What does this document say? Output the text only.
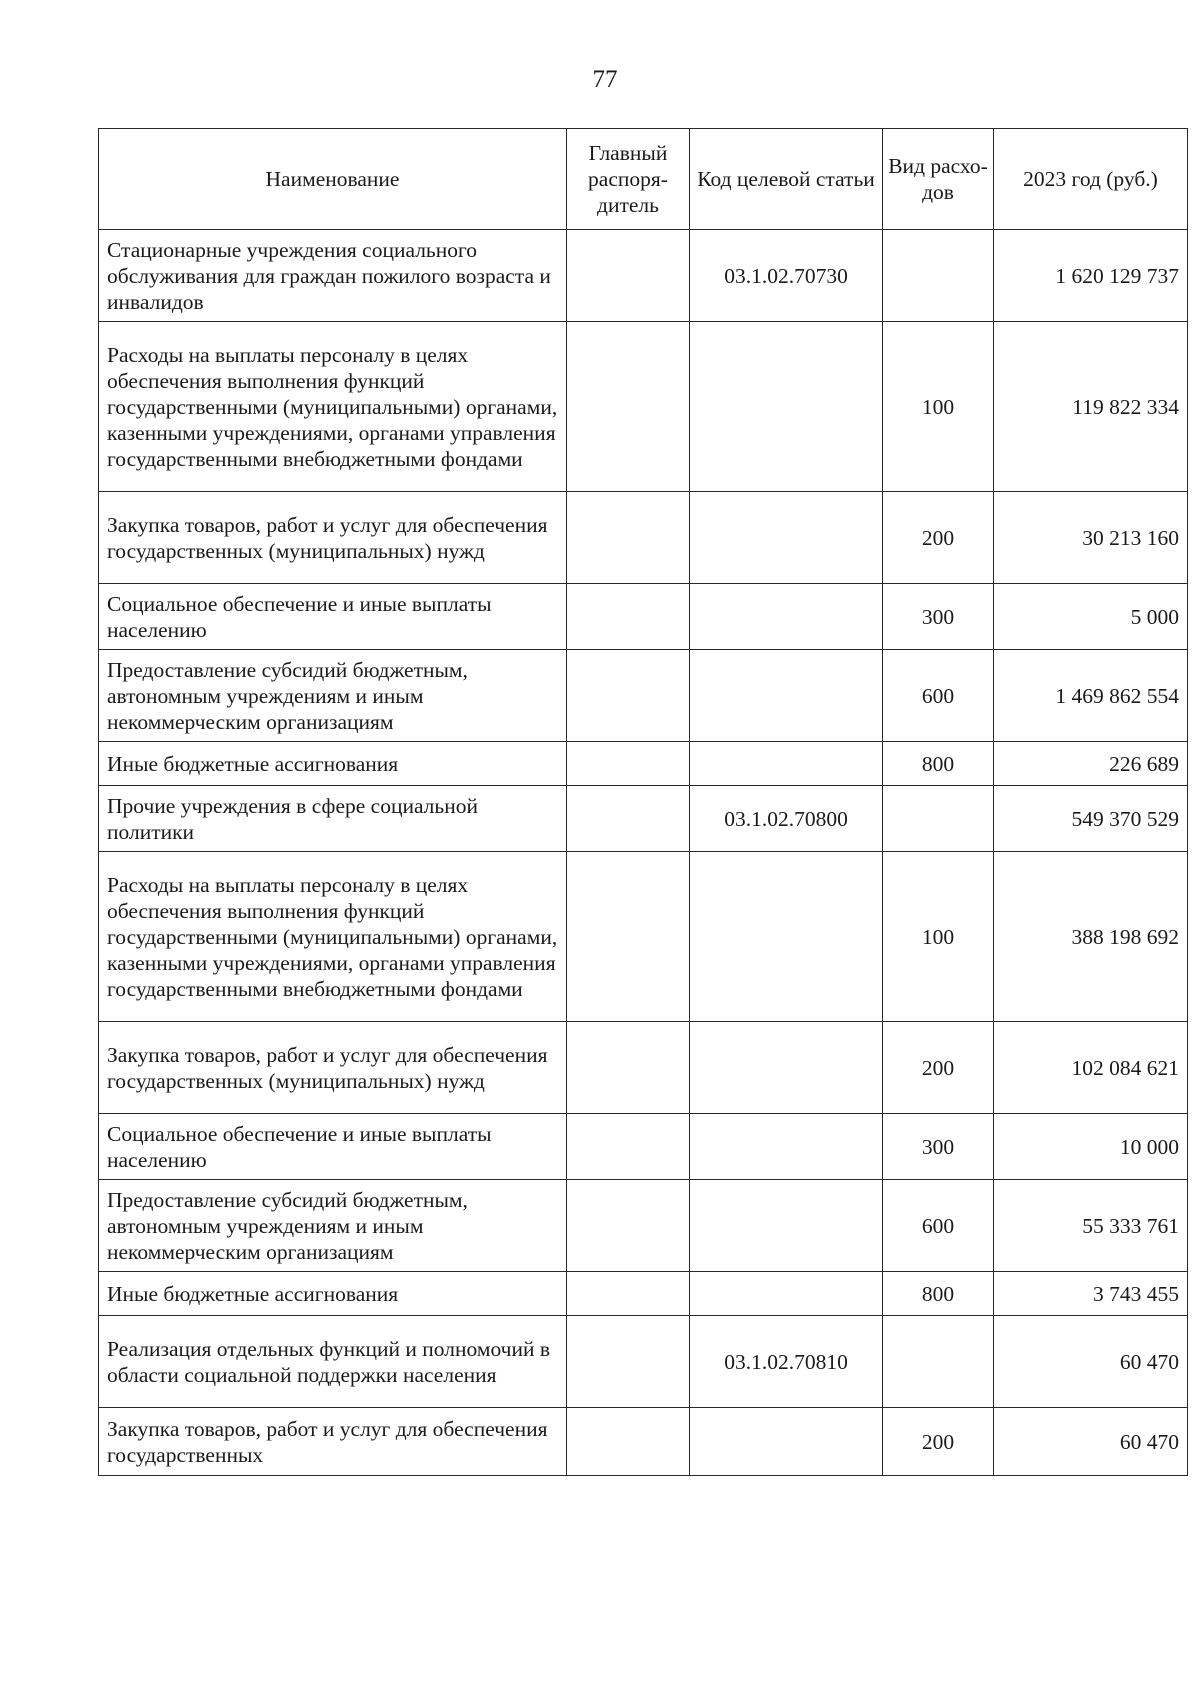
77
Наименование	Главный распоря-дитель	Код целевой статьи	Вид расхо-дов	2023 год (руб.)
Стационарные учреждения социального обслуживания для граждан пожилого возраста и инвалидов		03.1.02.70730		1 620 129 737
Расходы на выплаты персоналу в целях обеспечения выполнения функций государственными (муниципальными) органами, казенными учреждениями, органами управления государственными внебюджетными фондами			100	119 822 334
Закупка товаров, работ и услуг для обеспечения государственных (муниципальных) нужд			200	30 213 160
Социальное обеспечение и иные выплаты населению			300	5 000
Предоставление субсидий бюджетным, автономным учреждениям и иным некоммерческим организациям			600	1 469 862 554
Иные бюджетные ассигнования			800	226 689
Прочие учреждения в сфере социальной политики		03.1.02.70800		549 370 529
Расходы на выплаты персоналу в целях обеспечения выполнения функций государственными (муниципальными) органами, казенными учреждениями, органами управления государственными внебюджетными фондами			100	388 198 692
Закупка товаров, работ и услуг для обеспечения государственных (муниципальных) нужд			200	102 084 621
Социальное обеспечение и иные выплаты населению			300	10 000
Предоставление субсидий бюджетным, автономным учреждениям и иным некоммерческим организациям			600	55 333 761
Иные бюджетные ассигнования			800	3 743 455
Реализация отдельных функций и полномочий в области социальной поддержки населения		03.1.02.70810		60 470
Закупка товаров, работ и услуг для обеспечения государственных			200	60 470
